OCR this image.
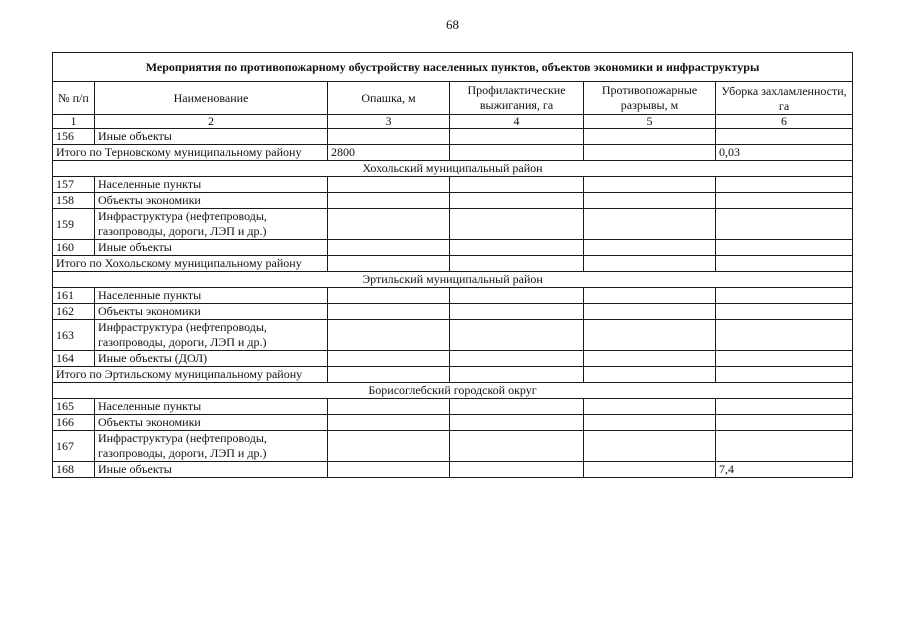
68
Мероприятия по противопожарному обустройству населенных пунктов, объектов экономики и инфраструктуры					
№ п/п	Наименование	Опашка, м	Профилактические выжигания, га	Противопожарные разрывы, м	Уборка захламленности, га
1	2	3	4	5	6
156	Иные объекты				
Итого по Терновскому муниципальному району		2800			0,03
Хохольский муниципальный район					
157	Населенные пункты				
158	Объекты экономики				
159	Инфраструктура (нефтепроводы, газопроводы, дороги, ЛЭП и др.)				
160	Иные объекты				
Итого по Хохольскому муниципальному району					
Эртильский муниципальный район					
161	Населенные пункты				
162	Объекты экономики				
163	Инфраструктура (нефтепроводы, газопроводы, дороги, ЛЭП и др.)				
164	Иные объекты (ДОЛ)				
Итого по Эртильскому муниципальному району					
Борисоглебский городской округ					
165	Населенные пункты				
166	Объекты экономики				
167	Инфраструктура (нефтепроводы, газопроводы, дороги, ЛЭП и др.)				
168	Иные объекты				7,4
